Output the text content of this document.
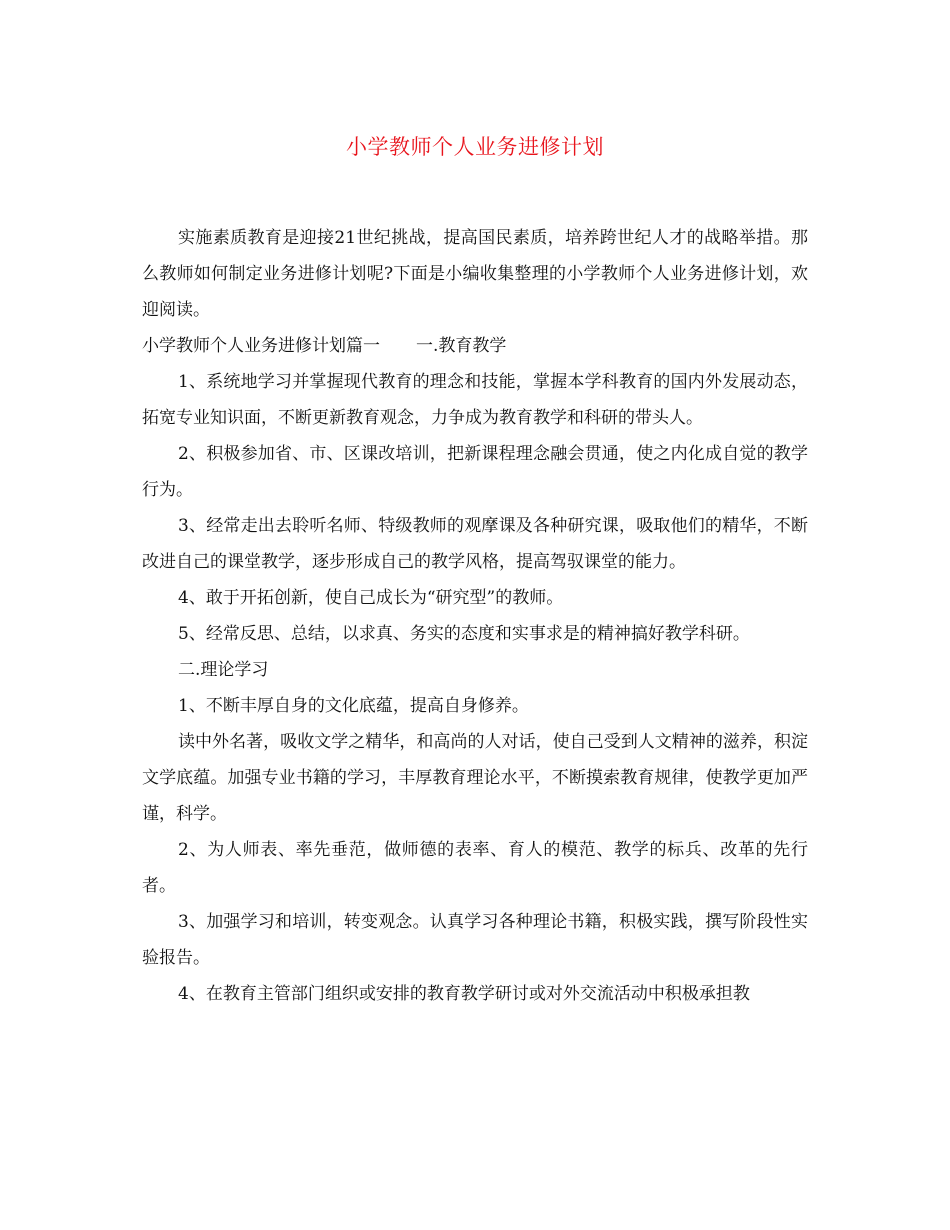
小学教师个人业务进修计划

实施素质教育是迎接21世纪挑战，提高国民素质，培养跨世纪人才的战略举措。那么教师如何制定业务进修计划呢?下面是小编收集整理的小学教师个人业务进修计划，欢迎阅读。

小学教师个人业务进修计划篇一 一.教育教学

1、系统地学习并掌握现代教育的理念和技能，掌握本学科教育的国内外发展动态，拓宽专业知识面，不断更新教育观念，力争成为教育教学和科研的带头人。

2、积极参加省、市、区课改培训，把新课程理念融会贯通，使之内化成自觉的教学行为。

3、经常走出去聆听名师、特级教师的观摩课及各种研究课，吸取他们的精华，不断改进自己的课堂教学，逐步形成自己的教学风格，提高驾驭课堂的能力。

4、敢于开拓创新，使自己成长为“研究型”的教师。

5、经常反思、总结，以求真、务实的态度和实事求是的精神搞好教学科研。

二.理论学习

1、不断丰厚自身的文化底蕴，提高自身修养。

读中外名著，吸收文学之精华，和高尚的人对话，使自己受到人文精神的滋养，积淀文学底蕴。加强专业书籍的学习，丰厚教育理论水平，不断摸索教育规律，使教学更加严谨，科学。

2、为人师表、率先垂范，做师德的表率、育人的模范、教学的标兵、改革的先行者。

3、加强学习和培训，转变观念。认真学习各种理论书籍，积极实践，撰写阶段性实验报告。

4、在教育主管部门组织或安排的教育教学研讨或对外交流活动中积极承担教
